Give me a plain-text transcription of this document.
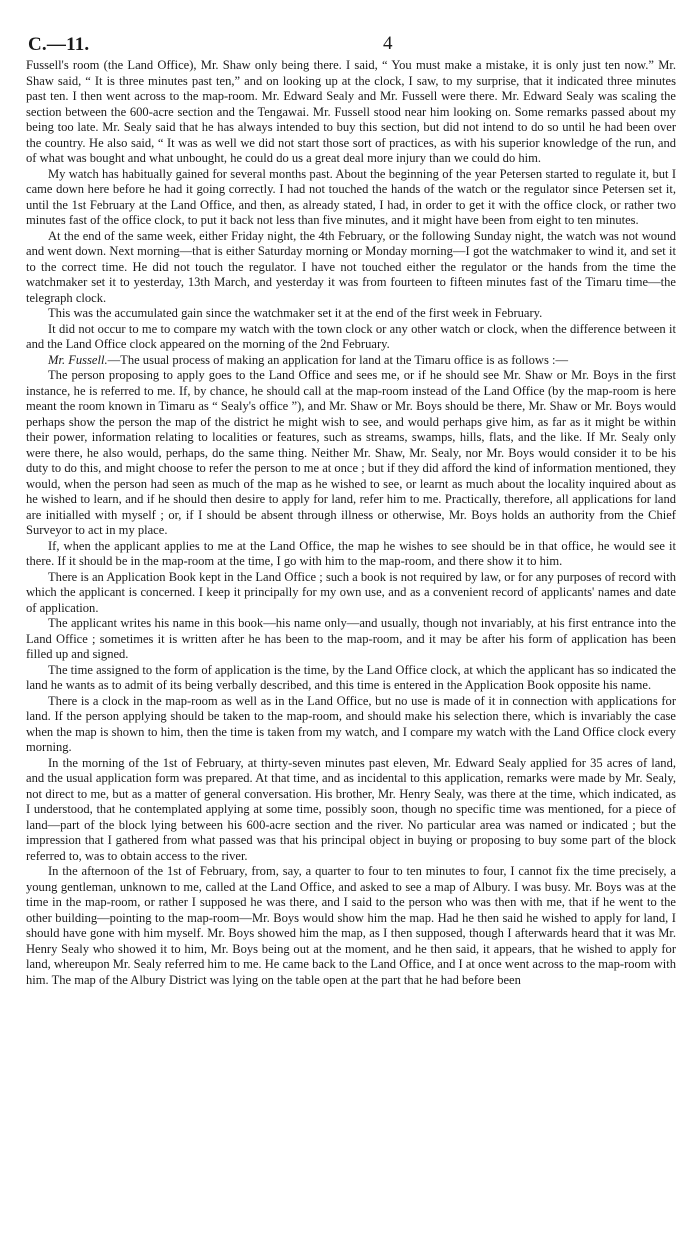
C.—11.	4

Fussell's room (the Land Office), Mr. Shaw only being there. I said, “ You must make a mistake, it is only just ten now.” Mr. Shaw said, “ It is three minutes past ten,” and on looking up at the clock, I saw, to my surprise, that it indicated three minutes past ten. I then went across to the map-room. Mr. Edward Sealy and Mr. Fussell were there. Mr. Edward Sealy was scaling the section between the 600-acre section and the Tengawai. Mr. Fussell stood near him looking on. Some remarks passed about my being too late. Mr. Sealy said that he has always intended to buy this section, but did not intend to do so until he had been over the country. He also said, “ It was as well we did not start those sort of practices, as with his superior knowledge of the run, and of what was bought and what unbought, he could do us a great deal more injury than we could do him.

My watch has habitually gained for several months past. About the beginning of the year Petersen started to regulate it, but I came down here before he had it going correctly. I had not touched the hands of the watch or the regulator since Petersen set it, until the 1st February at the Land Office, and then, as already stated, I had, in order to get it with the office clock, or rather two minutes fast of the office clock, to put it back not less than five minutes, and it might have been from eight to ten minutes.

At the end of the same week, either Friday night, the 4th February, or the following Sunday night, the watch was not wound and went down. Next morning—that is either Saturday morning or Monday morning—I got the watchmaker to wind it, and set it to the correct time. He did not touch the regulator. I have not touched either the regulator or the hands from the time the watchmaker set it to yesterday, 13th March, and yesterday it was from fourteen to fifteen minutes fast of the Timaru time—the telegraph clock.

This was the accumulated gain since the watchmaker set it at the end of the first week in February.

It did not occur to me to compare my watch with the town clock or any other watch or clock, when the difference between it and the Land Office clock appeared on the morning of the 2nd February.

Mr. Fussell.—The usual process of making an application for land at the Timaru office is as follows :—

The person proposing to apply goes to the Land Office and sees me, or if he should see Mr. Shaw or Mr. Boys in the first instance, he is referred to me. If, by chance, he should call at the map-room instead of the Land Office (by the map-room is here meant the room known in Timaru as “ Sealy's office ”), and Mr. Shaw or Mr. Boys should be there, Mr. Shaw or Mr. Boys would perhaps show the person the map of the district he might wish to see, and would perhaps give him, as far as it might be within their power, information relating to localities or features, such as streams, swamps, hills, flats, and the like. If Mr. Sealy only were there, he also would, perhaps, do the same thing. Neither Mr. Shaw, Mr. Sealy, nor Mr. Boys would consider it to be his duty to do this, and might choose to refer the person to me at once ; but if they did afford the kind of information mentioned, they would, when the person had seen as much of the map as he wished to see, or learnt as much about the locality inquired about as he wished to learn, and if he should then desire to apply for land, refer him to me. Practically, therefore, all applications for land are initialled with myself ; or, if I should be absent through illness or otherwise, Mr. Boys holds an authority from the Chief Surveyor to act in my place.

If, when the applicant applies to me at the Land Office, the map he wishes to see should be in that office, he would see it there. If it should be in the map-room at the time, I go with him to the map-room, and there show it to him.

There is an Application Book kept in the Land Office ; such a book is not required by law, or for any purposes of record with which the applicant is concerned. I keep it principally for my own use, and as a convenient record of applicants' names and date of application.

The applicant writes his name in this book—his name only—and usually, though not invariably, at his first entrance into the Land Office ; sometimes it is written after he has been to the map-room, and it may be after his form of application has been filled up and signed.

The time assigned to the form of application is the time, by the Land Office clock, at which the applicant has so indicated the land he wants as to admit of its being verbally described, and this time is entered in the Application Book opposite his name.

There is a clock in the map-room as well as in the Land Office, but no use is made of it in connection with applications for land. If the person applying should be taken to the map-room, and should make his selection there, which is invariably the case when the map is shown to him, then the time is taken from my watch, and I compare my watch with the Land Office clock every morning.

In the morning of the 1st of February, at thirty-seven minutes past eleven, Mr. Edward Sealy applied for 35 acres of land, and the usual application form was prepared. At that time, and as incidental to this application, remarks were made by Mr. Sealy, not direct to me, but as a matter of general conversation. His brother, Mr. Henry Sealy, was there at the time, which indicated, as I understood, that he contemplated applying at some time, possibly soon, though no specific time was mentioned, for a piece of land—part of the block lying between his 600-acre section and the river. No particular area was named or indicated ; but the impression that I gathered from what passed was that his principal object in buying or proposing to buy some part of the block referred to, was to obtain access to the river.

In the afternoon of the 1st of February, from, say, a quarter to four to ten minutes to four, I cannot fix the time precisely, a young gentleman, unknown to me, called at the Land Office, and asked to see a map of Albury. I was busy. Mr. Boys was at the time in the map-room, or rather I supposed he was there, and I said to the person who was then with me, that if he went to the other building—pointing to the map-room—Mr. Boys would show him the map. Had he then said he wished to apply for land, I should have gone with him myself. Mr. Boys showed him the map, as I then supposed, though I afterwards heard that it was Mr. Henry Sealy who showed it to him, Mr. Boys being out at the moment, and he then said, it appears, that he wished to apply for land, whereupon Mr. Sealy referred him to me. He came back to the Land Office, and I at once went across to the map-room with him. The map of the Albury District was lying on the table open at the part that he had before been
